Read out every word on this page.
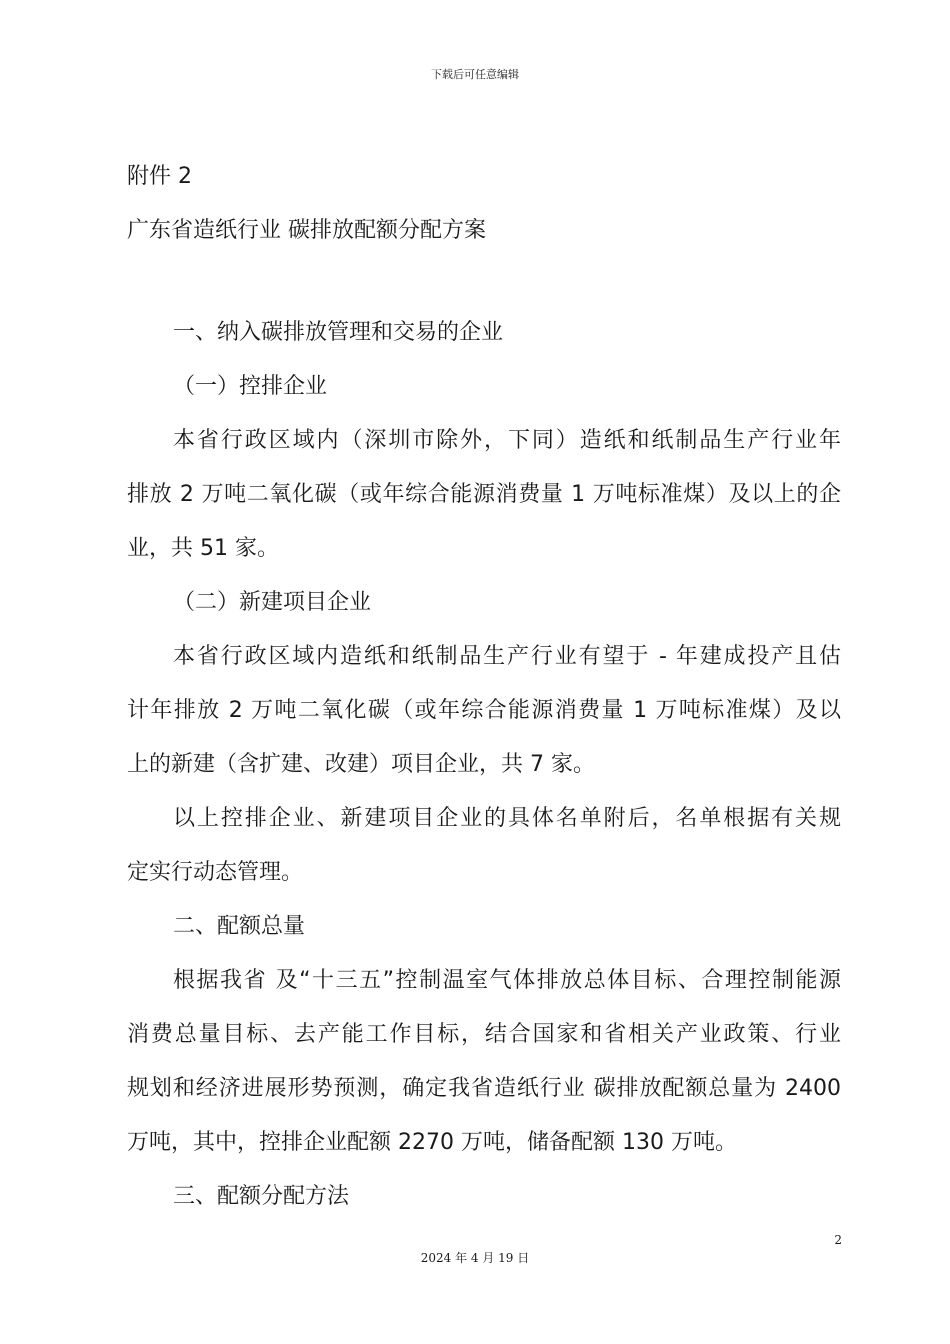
下载后可任意编辑
附件 2
广东省造纸行业 碳排放配额分配方案
一、纳入碳排放管理和交易的企业
（一）控排企业
本省行政区域内（深圳市除外，下同）造纸和纸制品生产行业年
排放 2 万吨二氧化碳（或年综合能源消费量 1 万吨标准煤）及以上的企
业，共 51 家。
（二）新建项目企业
本省行政区域内造纸和纸制品生产行业有望于 - 年建成投产且估
计年排放 2 万吨二氧化碳（或年综合能源消费量 1 万吨标准煤）及以
上的新建（含扩建、改建）项目企业，共 7 家。
以上控排企业、新建项目企业的具体名单附后，名单根据有关规
定实行动态管理。
二、配额总量
根据我省 及“十三五”控制温室气体排放总体目标、合理控制能源
消费总量目标、去产能工作目标，结合国家和省相关产业政策、行业
规划和经济进展形势预测，确定我省造纸行业 碳排放配额总量为 2400
万吨，其中，控排企业配额 2270 万吨，储备配额 130 万吨。
三、配额分配方法
2
2024 年 4 月 19 日
